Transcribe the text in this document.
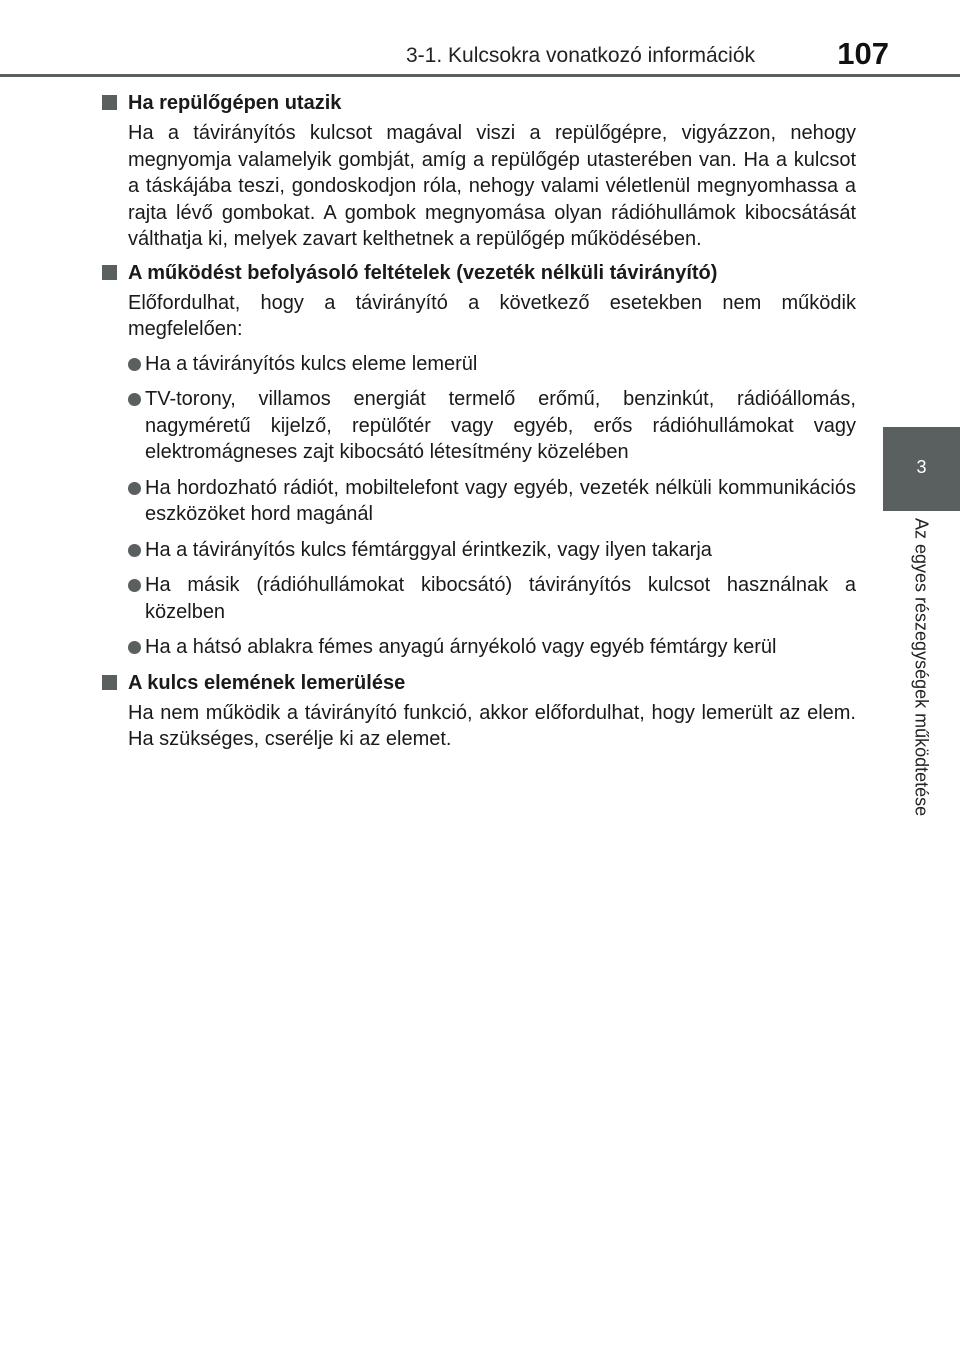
3-1. Kulcsokra vonatkozó információk	107
3
Az egyes részegységek működtetése
Ha repülőgépen utazik

Ha a távirányítós kulcsot magával viszi a repülőgépre, vigyázzon, nehogy megnyomja valamelyik gombját, amíg a repülőgép utasterében van. Ha a kulcsot a táskájába teszi, gondoskodjon róla, nehogy valami véletlenül megnyomhassa a rajta lévő gombokat. A gombok megnyomása olyan rádióhullámok kibocsátását válthatja ki, melyek zavart kelthetnek a repülőgép működésében.

A működést befolyásoló feltételek (vezeték nélküli távirányító)

Előfordulhat, hogy a távirányító a következő esetekben nem működik megfelelően:

Ha a távirányítós kulcs eleme lemerül
TV-torony, villamos energiát termelő erőmű, benzinkút, rádióállomás, nagyméretű kijelző, repülőtér vagy egyéb, erős rádióhullámokat vagy elektromágneses zajt kibocsátó létesítmény közelében
Ha hordozható rádiót, mobiltelefont vagy egyéb, vezeték nélküli kommunikációs eszközöket hord magánál
Ha a távirányítós kulcs fémtárggyal érintkezik, vagy ilyen takarja
Ha másik (rádióhullámokat kibocsátó) távirányítós kulcsot használnak a közelben
Ha a hátsó ablakra fémes anyagú árnyékoló vagy egyéb fémtárgy kerül
A kulcs elemének lemerülése

Ha nem működik a távirányító funkció, akkor előfordulhat, hogy lemerült az elem. Ha szükséges, cserélje ki az elemet.
